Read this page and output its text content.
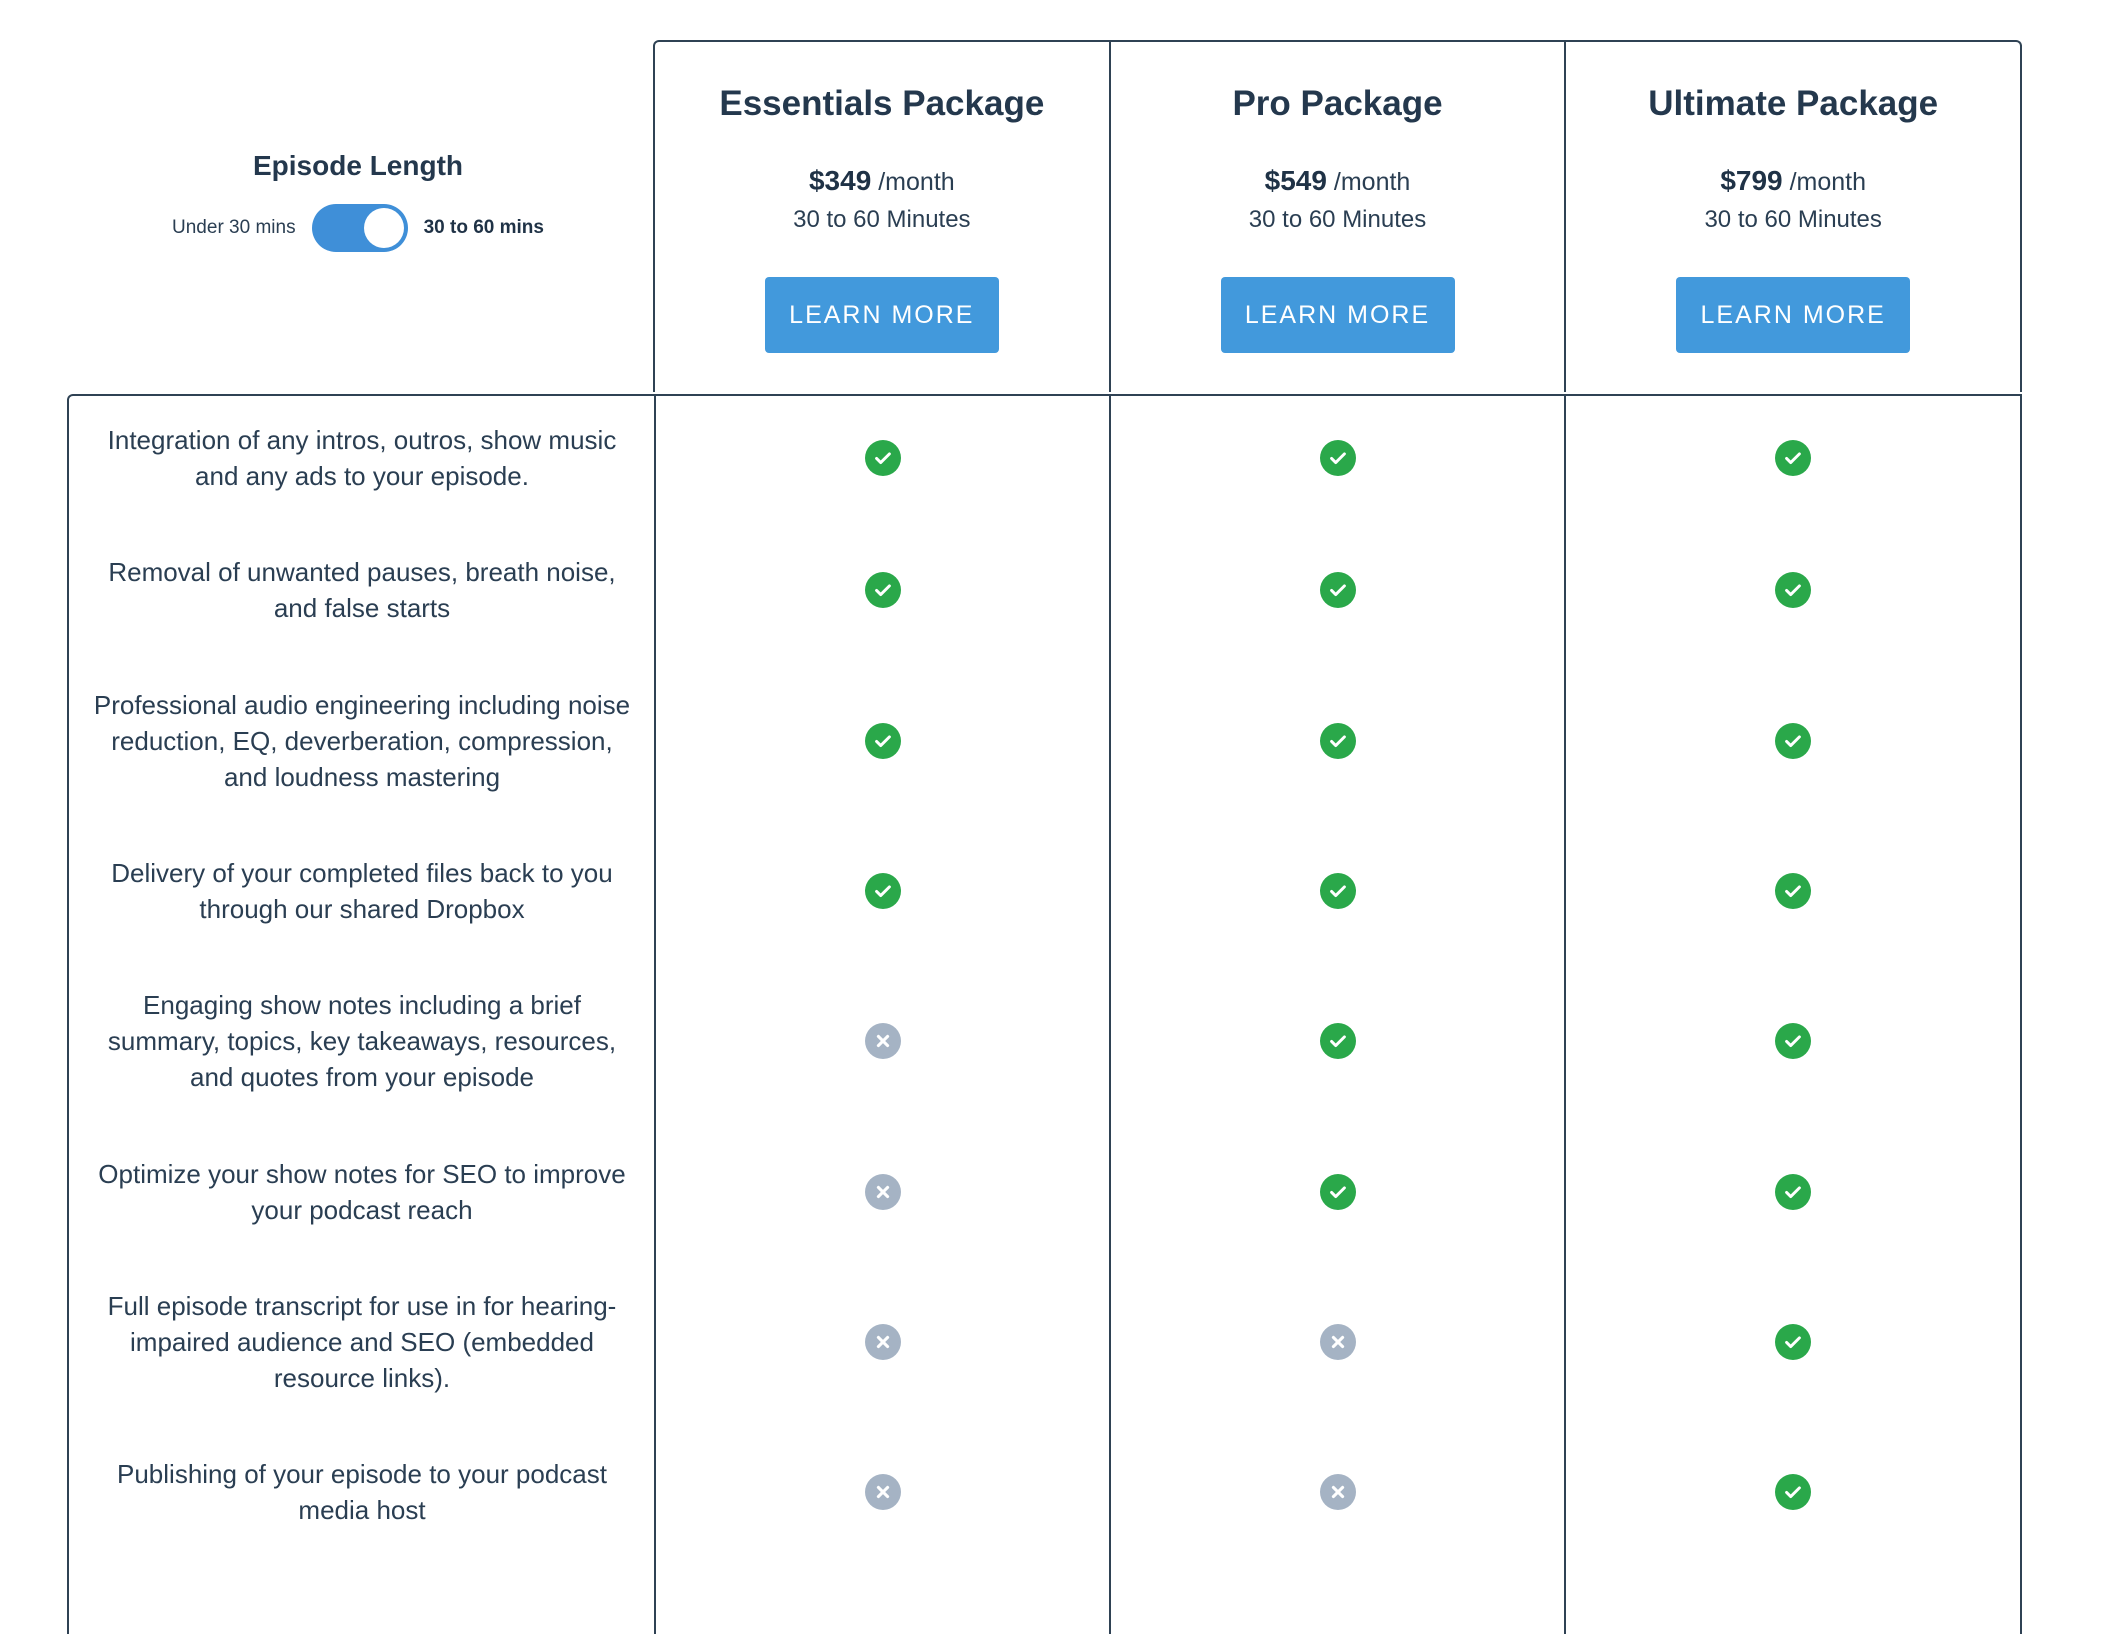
Episode Length
Under 30 mins	30 to 60 mins
Essentials Package
$349 /month
30 to 60 Minutes
LEARN MORE
Pro Package
$549 /month
30 to 60 Minutes
LEARN MORE
Ultimate Package
$799 /month
30 to 60 Minutes
LEARN MORE
Integration of any intros, outros, show music and any ads to your episode.
Removal of unwanted pauses, breath noise, and false starts
Professional audio engineering including noise reduction, EQ, deverberation, compression, and loudness mastering
Delivery of your completed files back to you through our shared Dropbox
Engaging show notes including a brief summary, topics, key takeaways, resources, and quotes from your episode
Optimize your show notes for SEO to improve your podcast reach
Full episode transcript for use in for hearing-impaired audience and SEO (embedded resource links).
Publishing of your episode to your podcast media host
